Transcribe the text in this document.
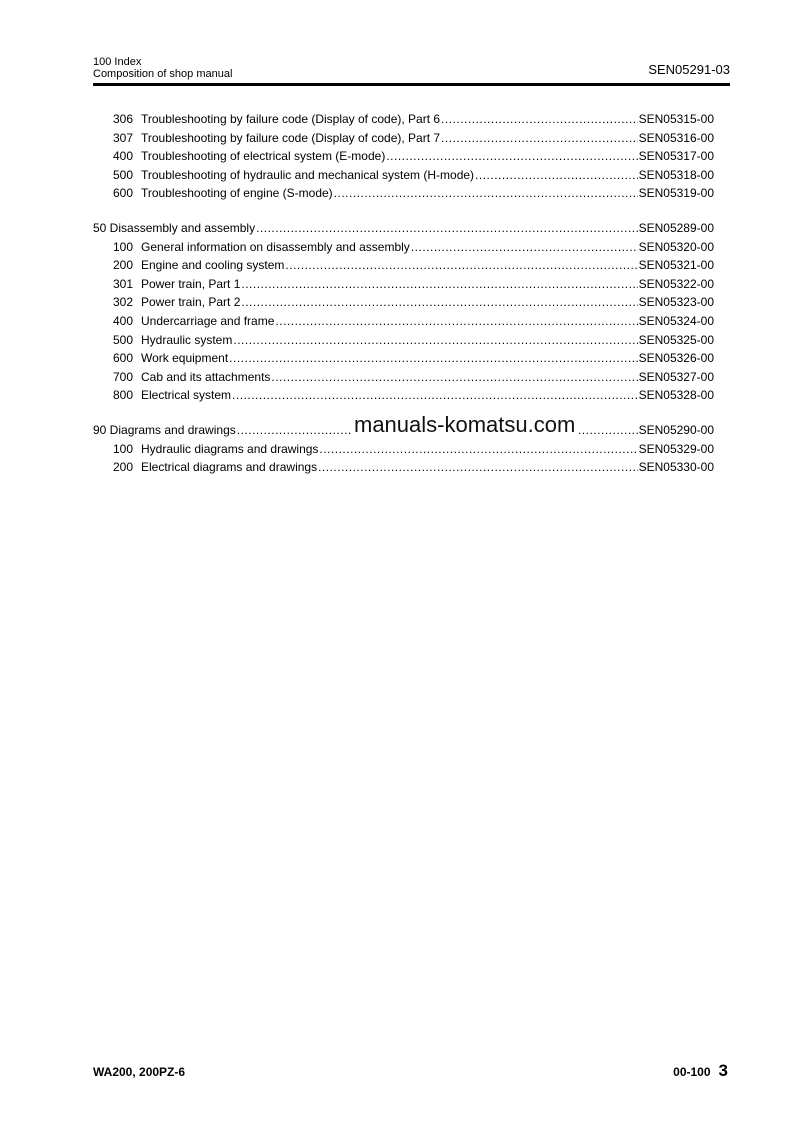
100 Index
Composition of shop manual	SEN05291-03
306 Troubleshooting by failure code (Display of code), Part 6 .....	SEN05315-00
307 Troubleshooting by failure code (Display of code), Part 7 .....	SEN05316-00
400 Troubleshooting of electrical system (E-mode) .....	SEN05317-00
500 Troubleshooting of hydraulic and mechanical system (H-mode) .....	SEN05318-00
600 Troubleshooting of engine (S-mode) .....	SEN05319-00
50 Disassembly and assembly .....	SEN05289-00
100 General information on disassembly and assembly .....	SEN05320-00
200 Engine and cooling system .....	SEN05321-00
301 Power train, Part 1 .....	SEN05322-00
302 Power train, Part 2 .....	SEN05323-00
400 Undercarriage and frame .....	SEN05324-00
500 Hydraulic system .....	SEN05325-00
600 Work equipment .....	SEN05326-00
700 Cab and its attachments .....	SEN05327-00
800 Electrical system .....	SEN05328-00
90 Diagrams and drawings .....	SEN05290-00
100 Hydraulic diagrams and drawings .....	SEN05329-00
200 Electrical diagrams and drawings .....	SEN05330-00
manuals-komatsu.com
WA200, 200PZ-6	00-100 3
